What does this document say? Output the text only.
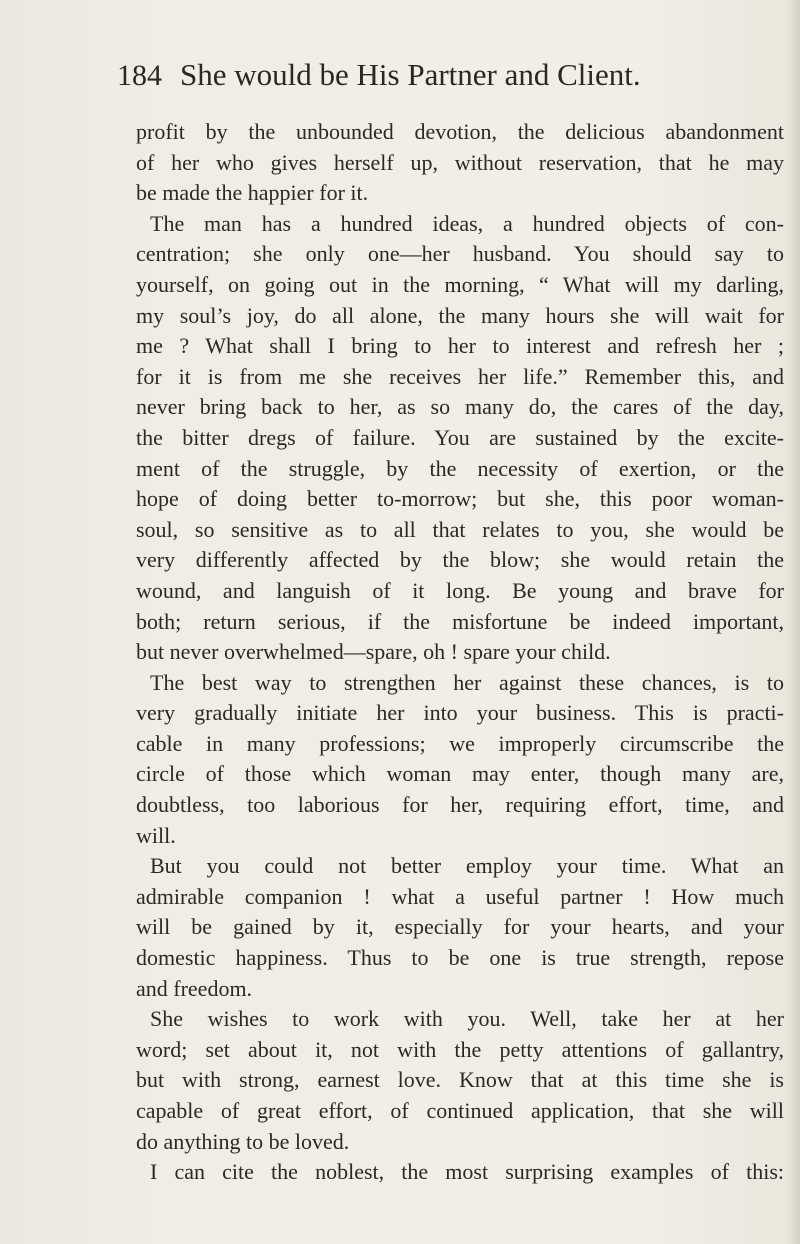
184 She would be His Partner and Client.
profit by the unbounded devotion, the delicious abandonment
of her who gives herself up, without reservation, that he may
be made the happier for it.
The man has a hundred ideas, a hundred objects of con-
centration; she only one—her husband. You should say to
yourself, on going out in the morning, “ What will my darling,
my soul’s joy, do all alone, the many hours she will wait for
me ? What shall I bring to her to interest and refresh her ;
for it is from me she receives her life.” Remember this, and
never bring back to her, as so many do, the cares of the day,
the bitter dregs of failure. You are sustained by the excite-
ment of the struggle, by the necessity of exertion, or the
hope of doing better to-morrow; but she, this poor woman-
soul, so sensitive as to all that relates to you, she would be
very differently affected by the blow; she would retain the
wound, and languish of it long. Be young and brave for
both; return serious, if the misfortune be indeed important,
but never overwhelmed—spare, oh ! spare your child.
The best way to strengthen her against these chances, is to
very gradually initiate her into your business. This is practi-
cable in many professions; we improperly circumscribe the
circle of those which woman may enter, though many are,
doubtless, too laborious for her, requiring effort, time, and
will.
But you could not better employ your time. What an
admirable companion ! what a useful partner ! How much
will be gained by it, especially for your hearts, and your
domestic happiness. Thus to be one is true strength, repose
and freedom.
She wishes to work with you. Well, take her at her
word; set about it, not with the petty attentions of gallantry,
but with strong, earnest love. Know that at this time she is
capable of great effort, of continued application, that she will
do anything to be loved.
I can cite the noblest, the most surprising examples of this:
